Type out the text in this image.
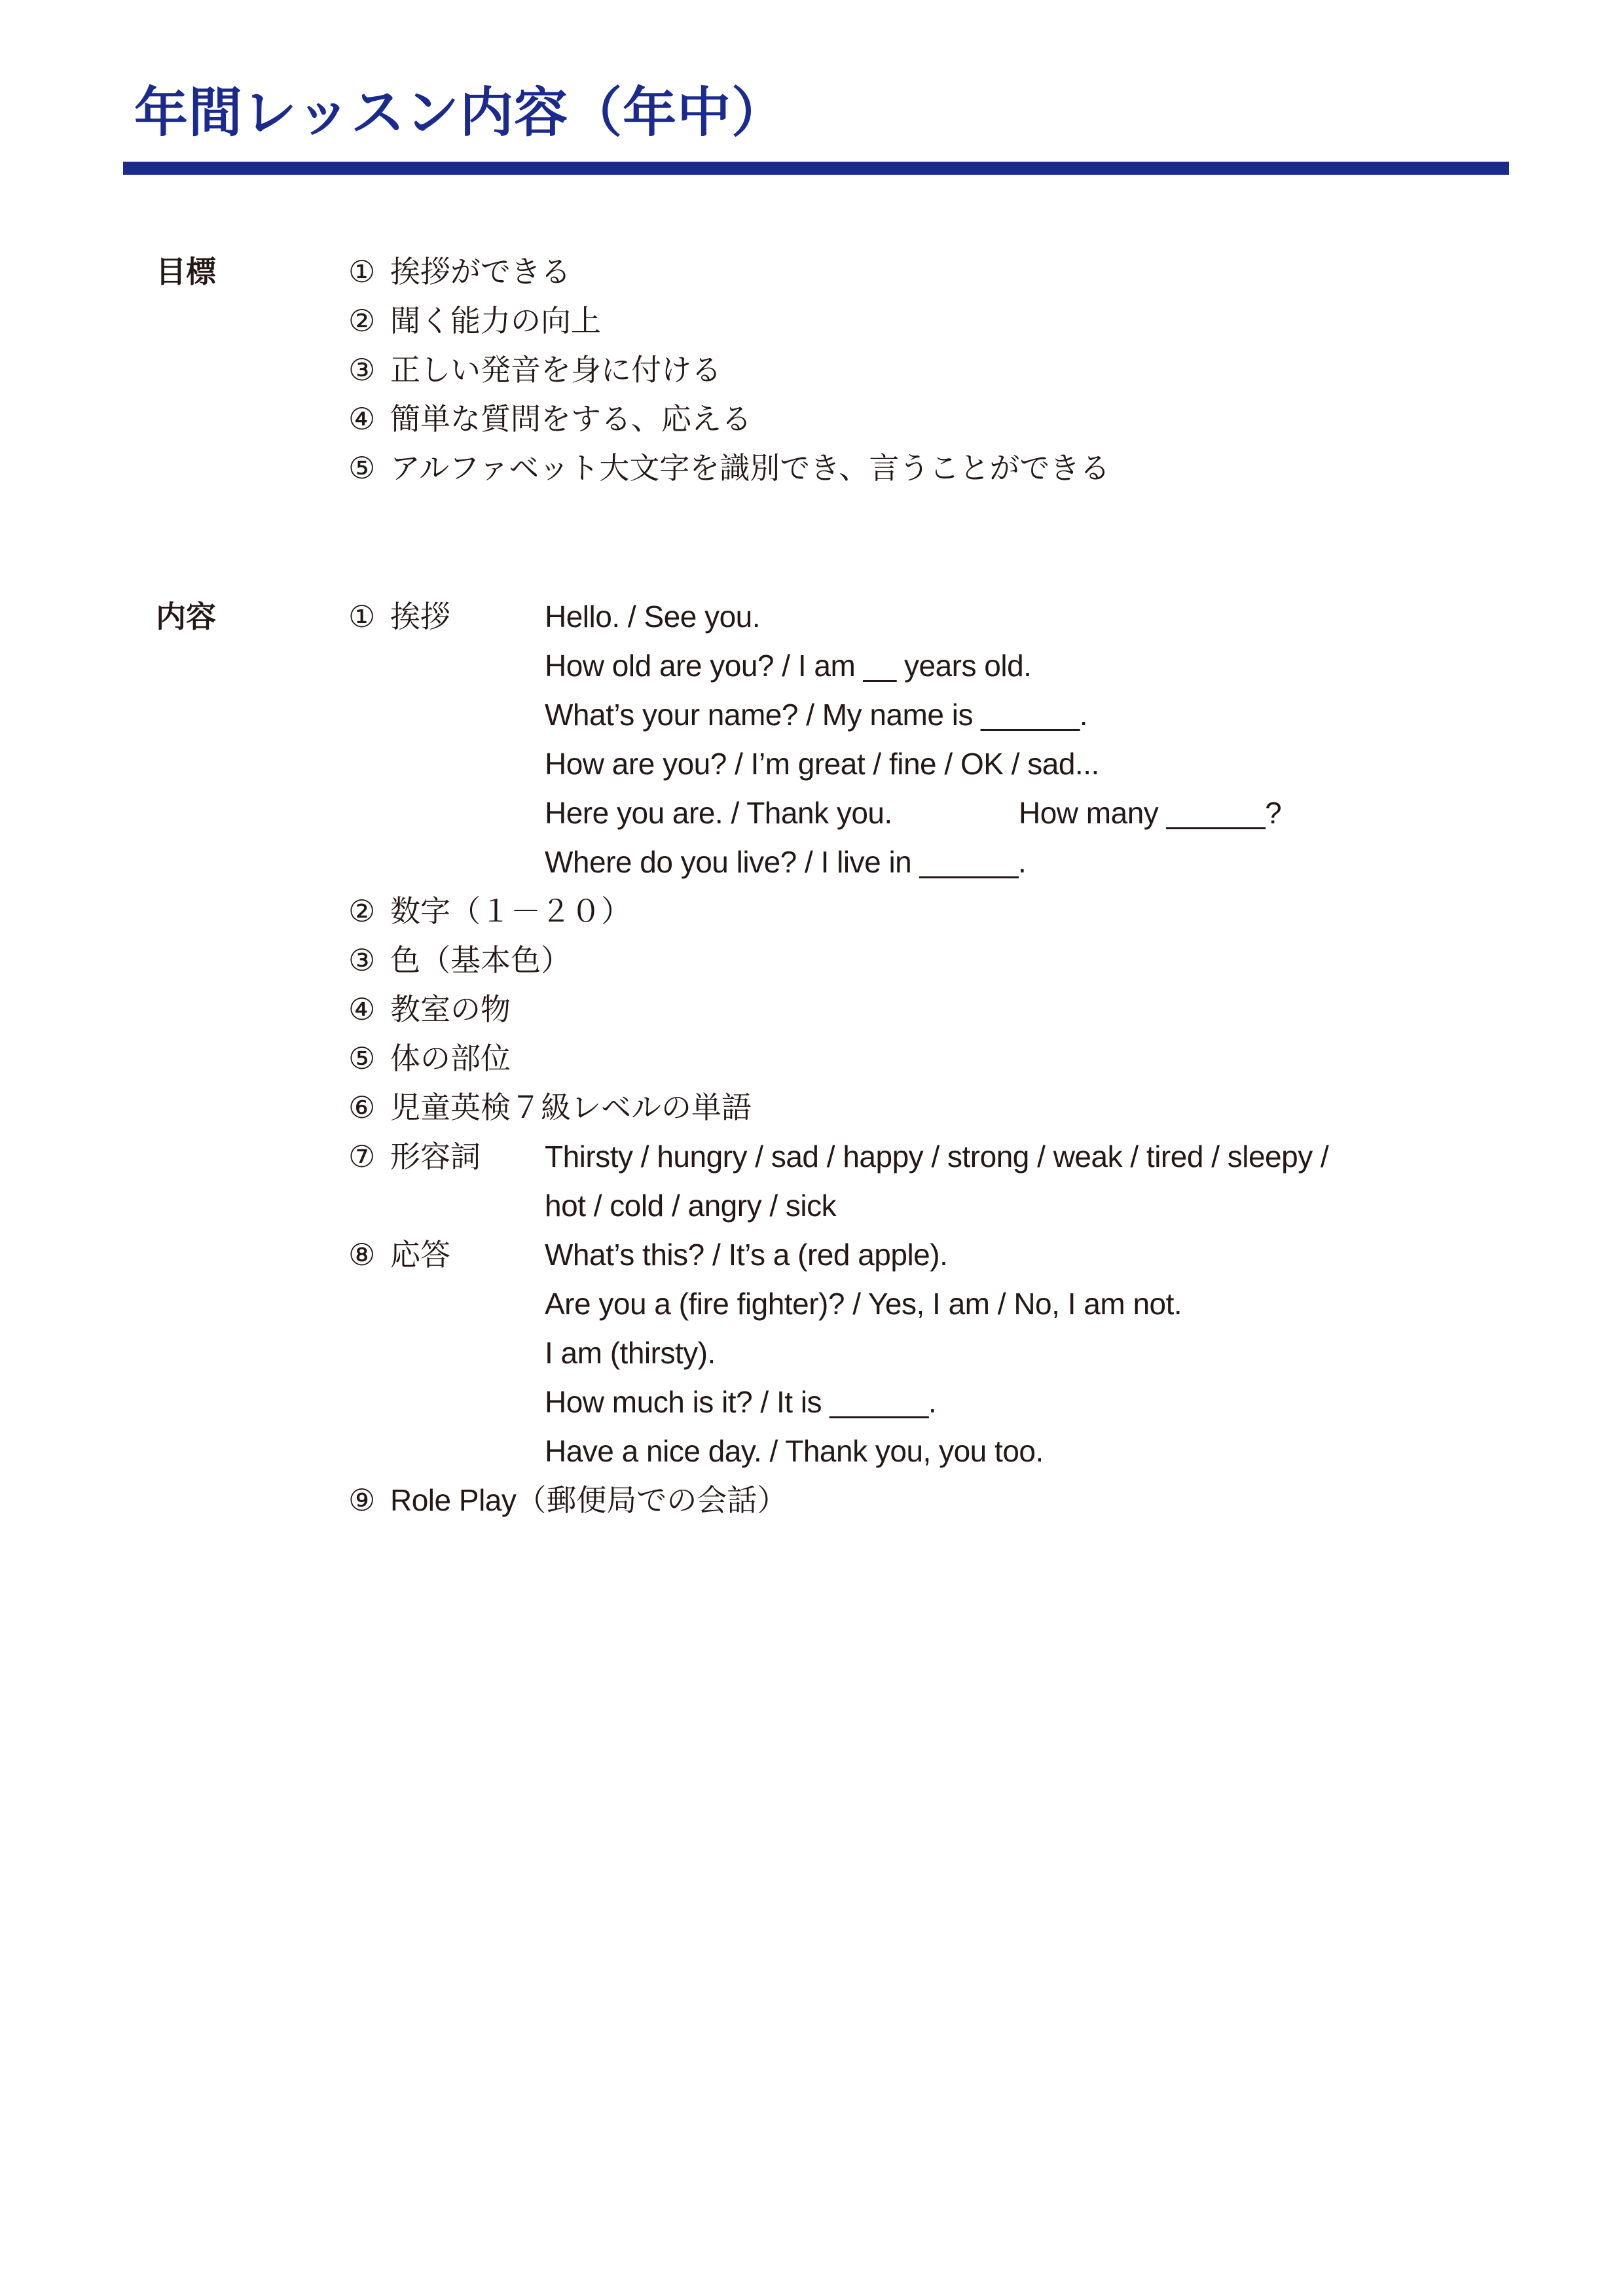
年間レッスン内容（年中）
目標	① 挨拶ができる
② 聞く能力の向上
③ 正しい発音を身に付ける
④ 簡単な質問をする、応える
⑤ アルファベット大文字を識別でき、言うことができる
内容	① 挨拶	Hello. / See you.
How old are you? / I am __ years old.
What’s your name? / My name is ______.
How are you? / I’m great / fine / OK / sad...
Here you are. / Thank you.	How many ______?
Where do you live? / I live in ______.
② 数字（１－２０）
③ 色（基本色）
④ 教室の物
⑤ 体の部位
⑥ 児童英検７級レベルの単語
⑦ 形容詞	Thirsty / hungry / sad / happy / strong / weak / tired / sleepy /
hot / cold / angry / sick
⑧ 応答	What’s this? / It’s a (red apple).
Are you a (fire fighter)? / Yes, I am / No, I am not.
I am (thirsty).
How much is it? / It is ______.
Have a nice day. / Thank you, you too.
⑨ Role Play（郵便局での会話）
